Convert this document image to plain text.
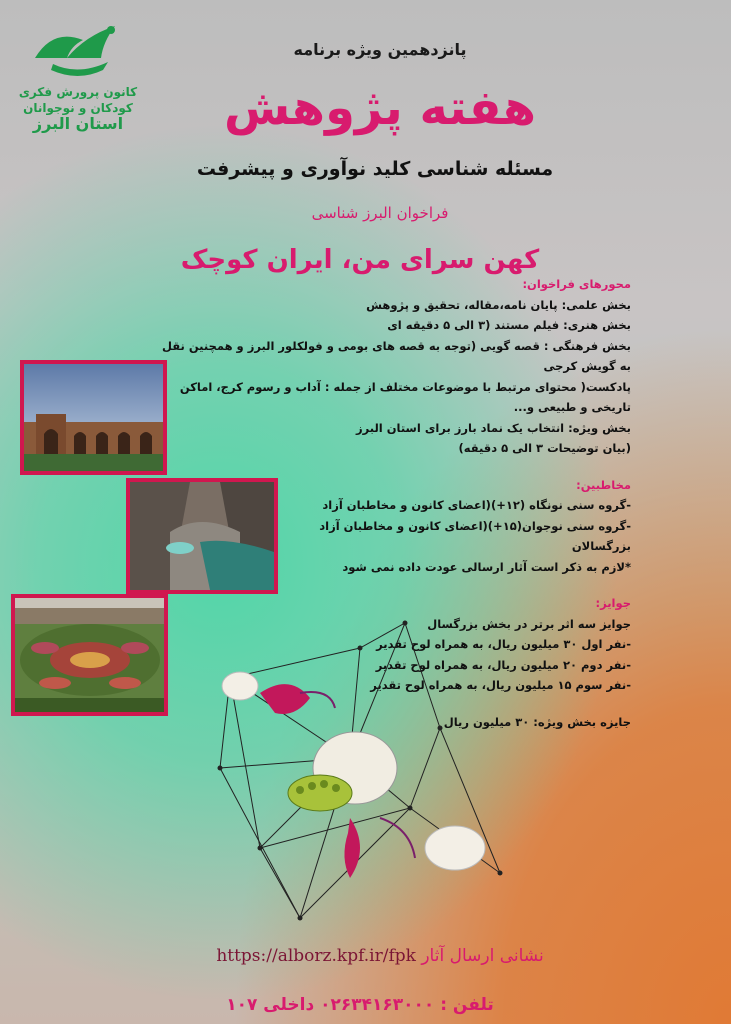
کانون پرورش فکری
کودکان و نوجوانان
استان البرز
پانزدهمین ویژه برنامه
هفته پژوهش
مسئله شناسی کلید نوآوری و پیشرفت
فراخوان البرز شناسی
کهن سرای من، ایران کوچک
محورهای فراخوان:
بخش علمی: پایان نامه،مقاله، تحقیق و پژوهش
بخش هنری: فیلم مستند (۳ الی ۵ دقیقه ای
بخش فرهنگی : قصه گویی (توجه به قصه های بومی و فولکلور البرز و همچنین نقل به گویش کرجی
پادکست( محتوای مرتبط با موضوعات مختلف از جمله : آداب و رسوم کرج، اماکن تاریخی و طبیعی و...
بخش ویژه: انتخاب یک نماد بارز برای استان البرز
(بیان توضیحات ۳ الی ۵ دقیقه)
مخاطبین:
-گروه سنی نونگاه (۱۲+)(اعضای کانون و مخاطبان آزاد
-گروه سنی نوجوان(۱۵+)(اعضای کانون و مخاطبان آزاد
بزرگسالان
*لازم به ذکر است آثار ارسالی عودت داده نمی شود
جوایز:
جوایز سه اثر برتر در بخش بزرگسال
-نفر اول ۳۰ میلیون ریال، به همراه لوح تقدیر
-نفر دوم ۲۰ میلیون ریال، به همراه لوح تقدیر
-نفر سوم ۱۵ میلیون ریال، به همراه لوح تقدیر
جایزه بخش ویژه: ۳۰ میلیون ریال
https://alborz.kpf.ir/fpk نشانی ارسال آثار
تلفن : ۰۲۶۳۴۱۶۳۰۰۰ داخلی ۱۰۷
